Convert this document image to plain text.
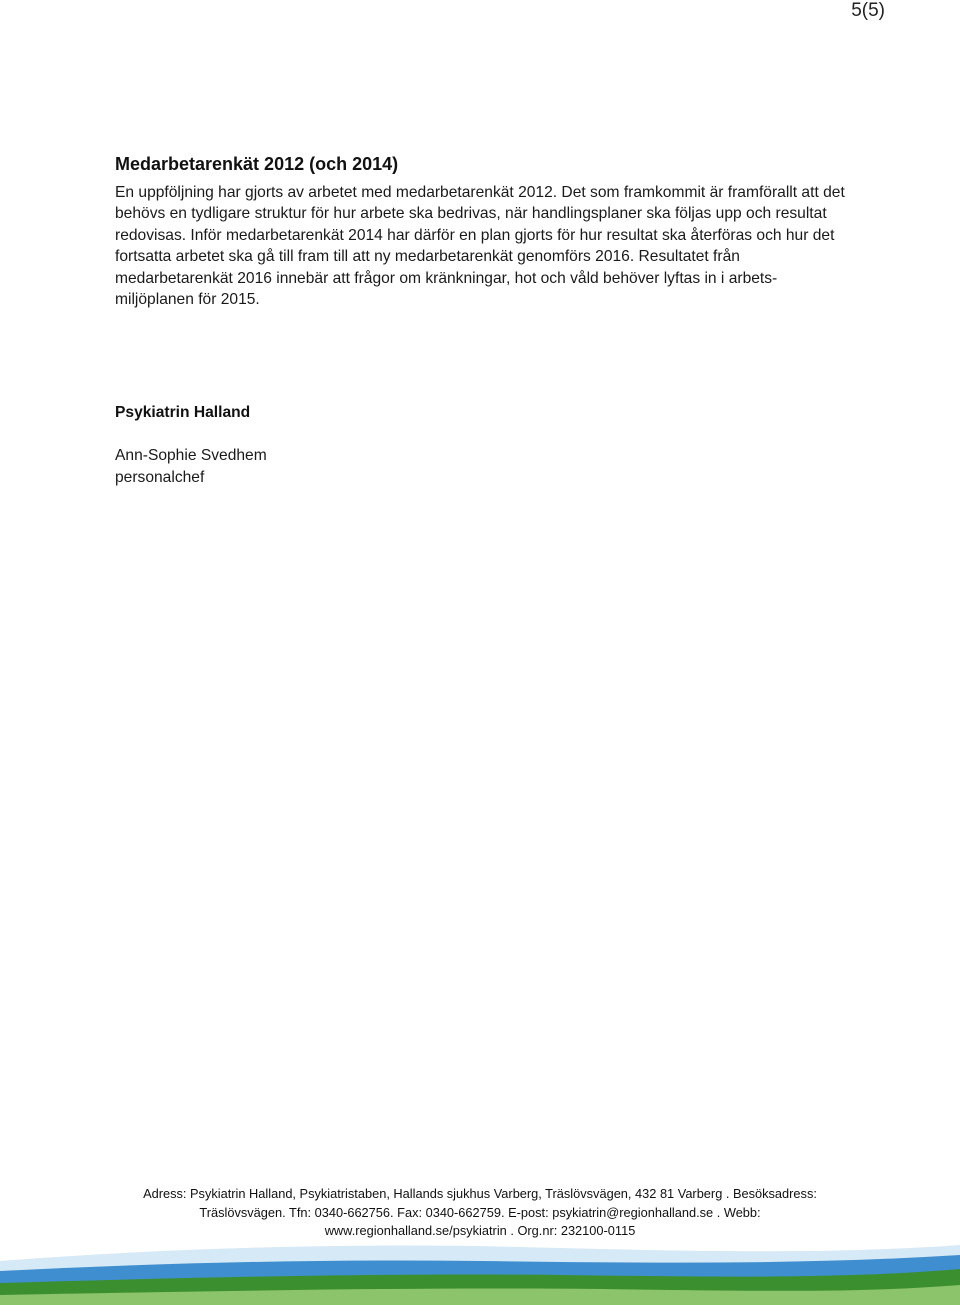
5(5)
Medarbetarenkät 2012 (och 2014)

En uppföljning har gjorts av arbetet med medarbetarenkät 2012. Det som framkommit är framförallt att det behövs en tydligare struktur för hur arbete ska bedrivas, när handlingsplaner ska följas upp och resultat redovisas. Inför medarbetarenkät 2014 har därför en plan gjorts för hur resultat ska återföras och hur det fortsatta arbetet ska gå till fram till att ny medarbetarenkät genomförs 2016. Resultatet från medarbetarenkät 2016 innebär att frågor om kränkningar, hot och våld behöver lyftas in i arbets-miljöplanen för 2015.

Psykiatrin Halland
Ann-Sophie Svedhem
personalchef
Adress: Psykiatrin Halland, Psykiatristaben, Hallands sjukhus Varberg, Träslövsvägen, 432 81 Varberg . Besöksadress:
Träslövsvägen. Tfn: 0340-662756. Fax: 0340-662759. E-post: psykiatrin@regionhalland.se . Webb:
www.regionhalland.se/psykiatrin . Org.nr: 232100-0115
